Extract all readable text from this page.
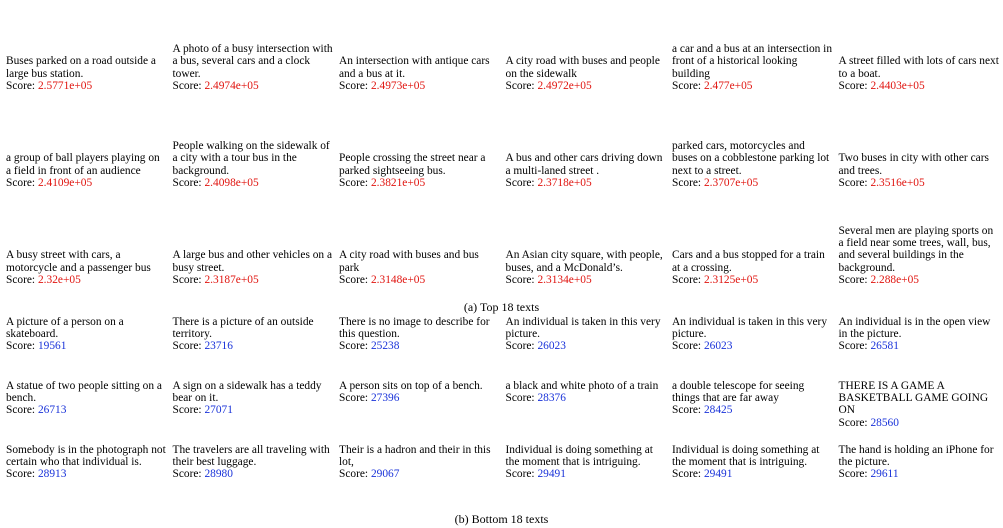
Buses parked on a road outside a large bus station.
Score: 2.5771e+05
A photo of a busy intersection with a bus, several cars and a clock tower.
Score: 2.4974e+05
An intersection with antique cars and a bus at it.
Score: 2.4973e+05
A city road with buses and people on the sidewalk
Score: 2.4972e+05
a car and a bus at an intersection in front of a historical looking building
Score: 2.477e+05
A street filled with lots of cars next to a boat.
Score: 2.4403e+05
a group of ball players playing on a field in front of an audience
Score: 2.4109e+05
People walking on the sidewalk of a city with a tour bus in the background.
Score: 2.4098e+05
People crossing the street near a parked sightseeing bus.
Score: 2.3821e+05
A bus and other cars driving down a multi-laned street .
Score: 2.3718e+05
parked cars, motorcycles and buses on a cobblestone parking lot next to a street.
Score: 2.3707e+05
Two buses in city with other cars and trees.
Score: 2.3516e+05
A busy street with cars, a motorcycle and a passenger bus
Score: 2.32e+05
A large bus and other vehicles on a busy street.
Score: 2.3187e+05
A city road with buses and bus park
Score: 2.3148e+05
An Asian city square, with people, buses, and a McDonald’s.
Score: 2.3134e+05
Cars and a bus stopped for a train at a crossing.
Score: 2.3125e+05
Several men are playing sports on a field near some trees, wall, bus, and several buildings in the background.
Score: 2.288e+05
(a) Top 18 texts
A picture of a person on a skateboard.
Score: 19561
There is a picture of an outside territory.
Score: 23716
There is no image to describe for this question.
Score: 25238
An individual is taken in this very picture.
Score: 26023
An individual is taken in this very picture.
Score: 26023
An individual is in the open view in the picture.
Score: 26581
A statue of two people sitting on a bench.
Score: 26713
A sign on a sidewalk has a teddy bear on it.
Score: 27071
A person sits on top of a bench.
Score: 27396
a black and white photo of a train
Score: 28376
a double telescope for seeing things that are far away
Score: 28425
THERE IS A GAME A BASKETBALL GAME GOING ON
Score: 28560
Somebody is in the photograph not certain who that individual is.
Score: 28913
The travelers are all traveling with their best luggage.
Score: 28980
Their is a hadron and their in this lot,
Score: 29067
Individual is doing something at the moment that is intriguing.
Score: 29491
Individual is doing something at the moment that is intriguing.
Score: 29491
The hand is holding an iPhone for the picture.
Score: 29611
(b) Bottom 18 texts
